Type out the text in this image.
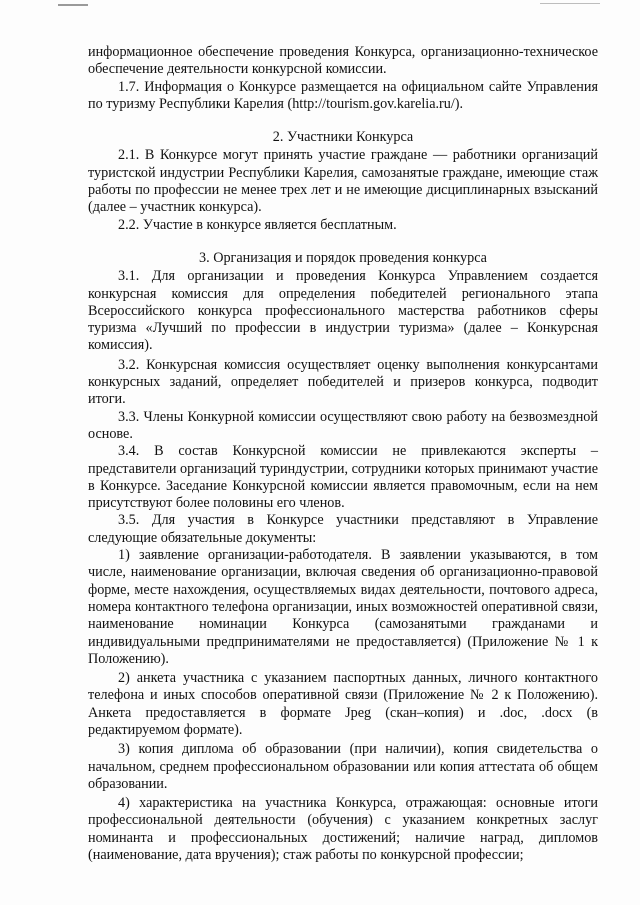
информационное обеспечение проведения Конкурса, организационно-техническое обеспечение деятельности конкурсной комиссии.

1.7. Информация о Конкурсе размещается на официальном сайте Управления по туризму Республики Карелия (http://tourism.gov.karelia.ru/).

2. Участники Конкурса

2.1. В Конкурсе могут принять участие граждане — работники организаций туристской индустрии Республики Карелия, самозанятые граждане, имеющие стаж работы по профессии не менее трех лет и не имеющие дисциплинарных взысканий (далее – участник конкурса).

2.2. Участие в конкурсе является бесплатным.

3. Организация и порядок проведения конкурса

3.1. Для организации и проведения Конкурса Управлением создается конкурсная комиссия для определения победителей регионального этапа Всероссийского конкурса профессионального мастерства работников сферы туризма «Лучший по профессии в индустрии туризма» (далее – Конкурсная комиссия).

3.2. Конкурсная комиссия осуществляет оценку выполнения конкурсантами конкурсных заданий, определяет победителей и призеров конкурса, подводит итоги.

3.3. Члены Конкурной комиссии осуществляют свою работу на безвозмездной основе.

3.4. В состав Конкурсной комиссии не привлекаются эксперты – представители организаций туриндустрии, сотрудники которых принимают участие в Конкурсе. Заседание Конкурсной комиссии является правомочным, если на нем присутствуют более половины его членов.

3.5. Для участия в Конкурсе участники представляют в Управление следующие обязательные документы:

1) заявление организации-работодателя. В заявлении указываются, в том числе, наименование организации, включая сведения об организационно-правовой форме, месте нахождения, осуществляемых видах деятельности, почтового адреса, номера контактного телефона организации, иных возможностей оперативной связи, наименование номинации Конкурса (самозанятыми гражданами и индивидуальными предпринимателями не предоставляется) (Приложение № 1 к Положению).

2) анкета участника с указанием паспортных данных, личного контактного телефона и иных способов оперативной связи (Приложение № 2 к Положению). Анкета предоставляется в формате Jpeg (скан–копия) и .doc, .docx (в редактируемом формате).

3) копия диплома об образовании (при наличии), копия свидетельства о начальном, среднем профессиональном образовании или копия аттестата об общем образовании.

4) характеристика на участника Конкурса, отражающая: основные итоги профессиональной деятельности (обучения) с указанием конкретных заслуг номинанта и профессиональных достижений; наличие наград, дипломов (наименование, дата вручения); стаж работы по конкурсной профессии;
